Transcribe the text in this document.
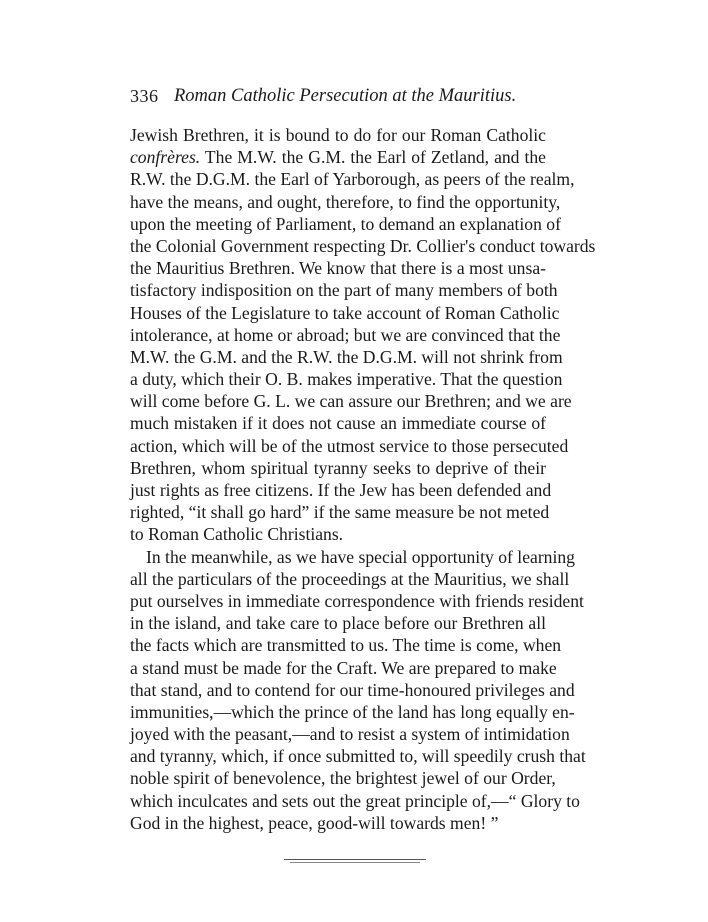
336 Roman Catholic Persecution at the Mauritius.
Jewish Brethren, it is bound to do for our Roman Catholic
confrères. The M.W. the G.M. the Earl of Zetland, and the
R.W. the D.G.M. the Earl of Yarborough, as peers of the realm,
have the means, and ought, therefore, to find the opportunity,
upon the meeting of Parliament, to demand an explanation of
the Colonial Government respecting Dr. Collier's conduct towards
the Mauritius Brethren. We know that there is a most unsa-
tisfactory indisposition on the part of many members of both
Houses of the Legislature to take account of Roman Catholic
intolerance, at home or abroad; but we are convinced that the
M.W. the G.M. and the R.W. the D.G.M. will not shrink from
a duty, which their O. B. makes imperative. That the question
will come before G. L. we can assure our Brethren; and we are
much mistaken if it does not cause an immediate course of
action, which will be of the utmost service to those persecuted
Brethren, whom spiritual tyranny seeks to deprive of their
just rights as free citizens. If the Jew has been defended and
righted, “it shall go hard” if the same measure be not meted
to Roman Catholic Christians.
In the meanwhile, as we have special opportunity of learning
all the particulars of the proceedings at the Mauritius, we shall
put ourselves in immediate correspondence with friends resident
in the island, and take care to place before our Brethren all
the facts which are transmitted to us. The time is come, when
a stand must be made for the Craft. We are prepared to make
that stand, and to contend for our time-honoured privileges and
immunities,—which the prince of the land has long equally en-
joyed with the peasant,—and to resist a system of intimidation
and tyranny, which, if once submitted to, will speedily crush that
noble spirit of benevolence, the brightest jewel of our Order,
which inculcates and sets out the great principle of,—“ Glory to
God in the highest, peace, good-will towards men! ”
